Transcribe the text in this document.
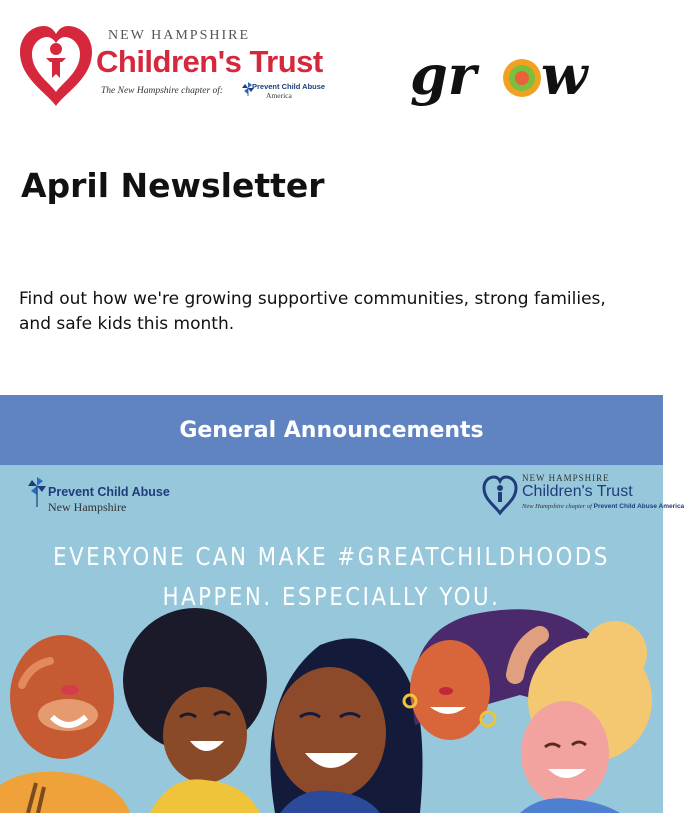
NEW HAMPSHIRE
Children's Trust
The New Hampshire chapter of:	Prevent Child Abuse
America	gr w
April Newsletter

Find out how we're growing supportive communities, strong families, and safe kids this month.

General Announcements
Prevent Child Abuse
New Hampshire
NEW HAMPSHIRE
Children's Trust
New Hampshire chapter of Prevent Child Abuse America
EVERYONE CAN MAKE #GREATCHILDHOODS
HAPPEN. ESPECIALLY YOU.
